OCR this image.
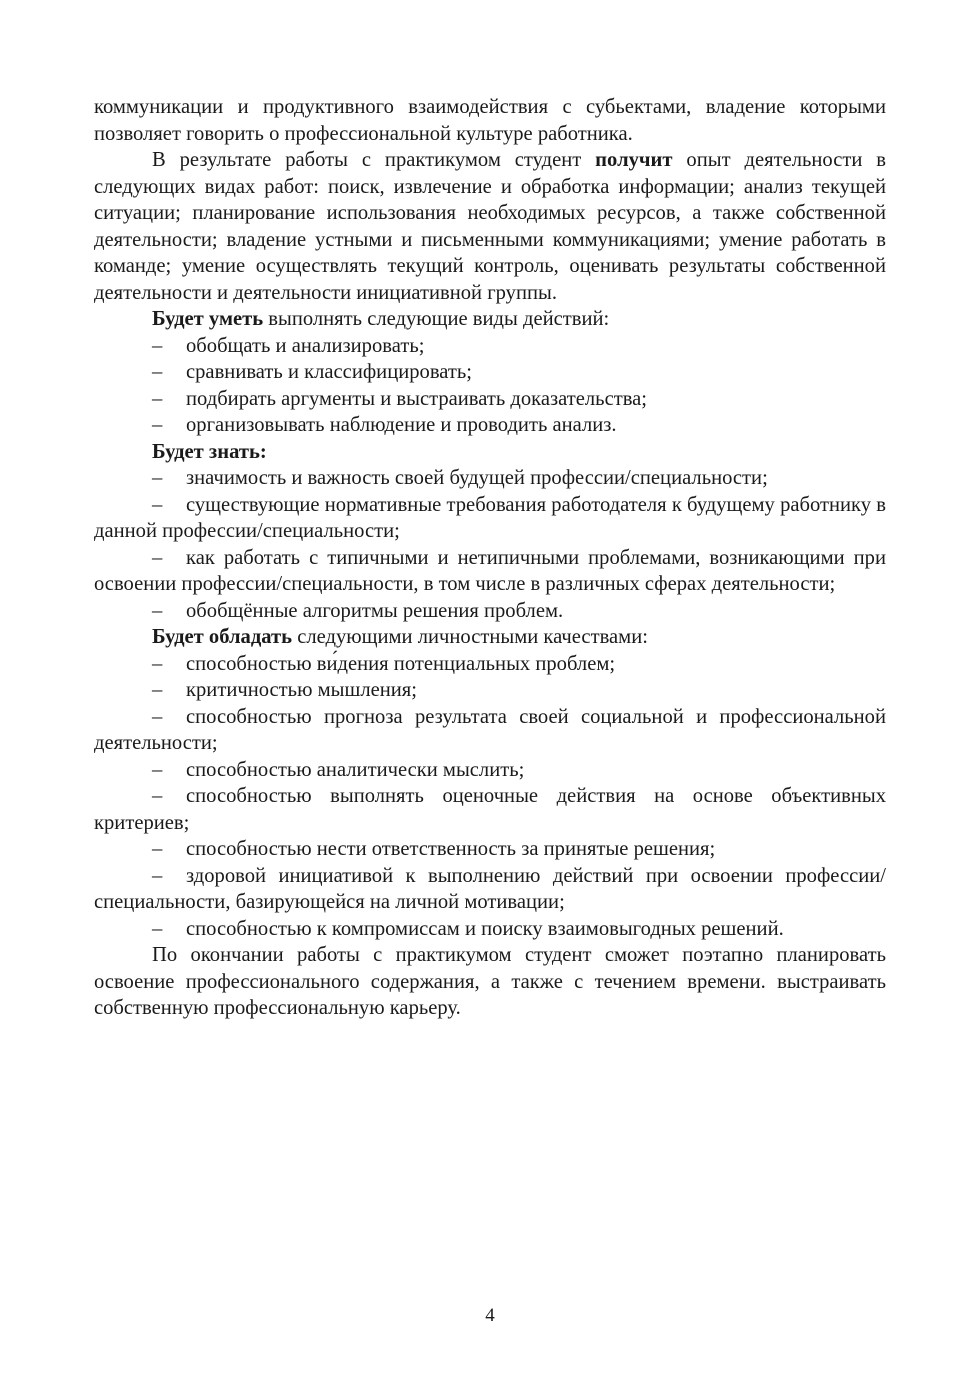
коммуникации и продуктивного взаимодействия с субьектами, владение которыми позволяет говорить о профессиональной культуре работника.

В результате работы с практикумом студент получит опыт деятельности в следующих видах работ: поиск, извлечение и обработка информации; анализ текущей ситуации; планирование использования необходимых ресурсов, а также собственной деятельности; владение устными и письменными коммуникациями; умение работать в команде; умение осуществлять текущий контроль, оценивать результаты собственной деятельности и деятельности инициативной группы.

Будет уметь выполнять следующие виды действий:

– обобщать и анализировать;

– сравнивать и классифицировать;

– подбирать аргументы и выстраивать доказательства;

– организовывать наблюдение и проводить анализ.

Будет знать:

– значимость и важность своей будущей профессии/специальности;

– существующие нормативные требования работодателя к будущему работнику в данной профессии/специальности;

– как работать с типичными и нетипичными проблемами, возникающими при освоении профессии/специальности, в том числе в различных сферах деятельности;

– обобщённые алгоритмы решения проблем.

Будет обладать следующими личностными качествами:

– способностью ви́дения потенциальных проблем;

– критичностью мышления;

– способностью прогноза результата своей социальной и профессиональной деятельности;

– способностью аналитически мыслить;

– способностью выполнять оценочные действия на основе объективных критериев;

– способностью нести ответственность за принятые решения;

– здоровой инициативой к выполнению действий при освоении профессии/специальности, базирующейся на личной мотивации;

– способностью к компромиссам и поиску взаимовыгодных решений.

По окончании работы с практикумом студент сможет поэтапно планировать освоение профессионального содержания, а также с течением времени. выстраивать собственную профессиональную карьеру.

4
